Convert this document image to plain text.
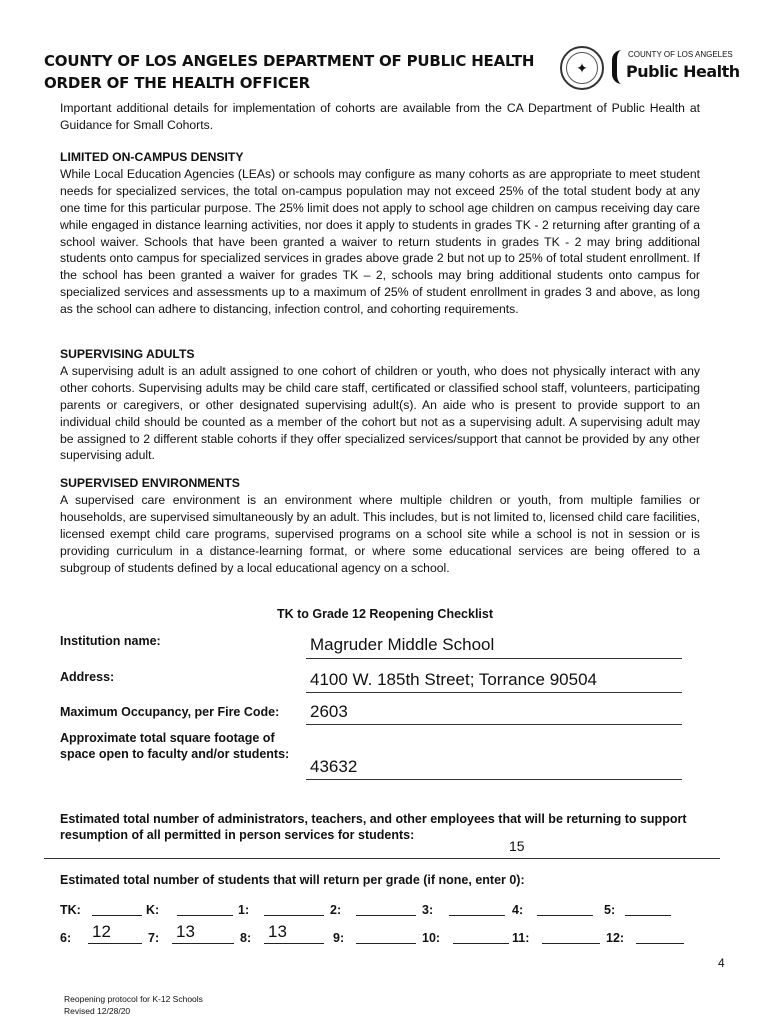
COUNTY OF LOS ANGELES DEPARTMENT OF PUBLIC HEALTH
ORDER OF THE HEALTH OFFICER
✦
COUNTY OF LOS ANGELES
Public Health
Important additional details for implementation of cohorts are available from the CA Department of Public Health at Guidance for Small Cohorts.
LIMITED ON-CAMPUS DENSITY
While Local Education Agencies (LEAs) or schools may configure as many cohorts as are appropriate to meet student needs for specialized services, the total on-campus population may not exceed 25% of the total student body at any one time for this particular purpose. The 25% limit does not apply to school age children on campus receiving day care while engaged in distance learning activities, nor does it apply to students in grades TK - 2 returning after granting of a school waiver. Schools that have been granted a waiver to return students in grades TK - 2 may bring additional students onto campus for specialized services in grades above grade 2 but not up to 25% of total student enrollment. If the school has been granted a waiver for grades TK – 2, schools may bring additional students onto campus for specialized services and assessments up to a maximum of 25% of student enrollment in grades 3 and above, as long as the school can adhere to distancing, infection control, and cohorting requirements.
SUPERVISING ADULTS
A supervising adult is an adult assigned to one cohort of children or youth, who does not physically interact with any other cohorts. Supervising adults may be child care staff, certificated or classified school staff, volunteers, participating parents or caregivers, or other designated supervising adult(s). An aide who is present to provide support to an individual child should be counted as a member of the cohort but not as a supervising adult. A supervising adult may be assigned to 2 different stable cohorts if they offer specialized services/support that cannot be provided by any other supervising adult.
SUPERVISED ENVIRONMENTS
A supervised care environment is an environment where multiple children or youth, from multiple families or households, are supervised simultaneously by an adult. This includes, but is not limited to, licensed child care facilities, licensed exempt child care programs, supervised programs on a school site while a school is not in session or is providing curriculum in a distance-learning format, or where some educational services are being offered to a subgroup of students defined by a local educational agency on a school.
TK to Grade 12 Reopening Checklist
Institution name:	Magruder Middle School
Address:	4100 W. 185th Street; Torrance 90504
Maximum Occupancy, per Fire Code: 2603
Approximate total square footage of space open to faculty and/or students:
43632
Estimated total number of administrators, teachers, and other employees that will be returning to support resumption of all permitted in person services for students:
15
Estimated total number of students that will return per grade (if none, enter 0):
TK:	K:	1:	2:	3:	4:	5:
6: 12	7: 13	8: 13	9:	10:	11:	12:
Reopening protocol for K-12 Schools
Revised 12/28/20
4
